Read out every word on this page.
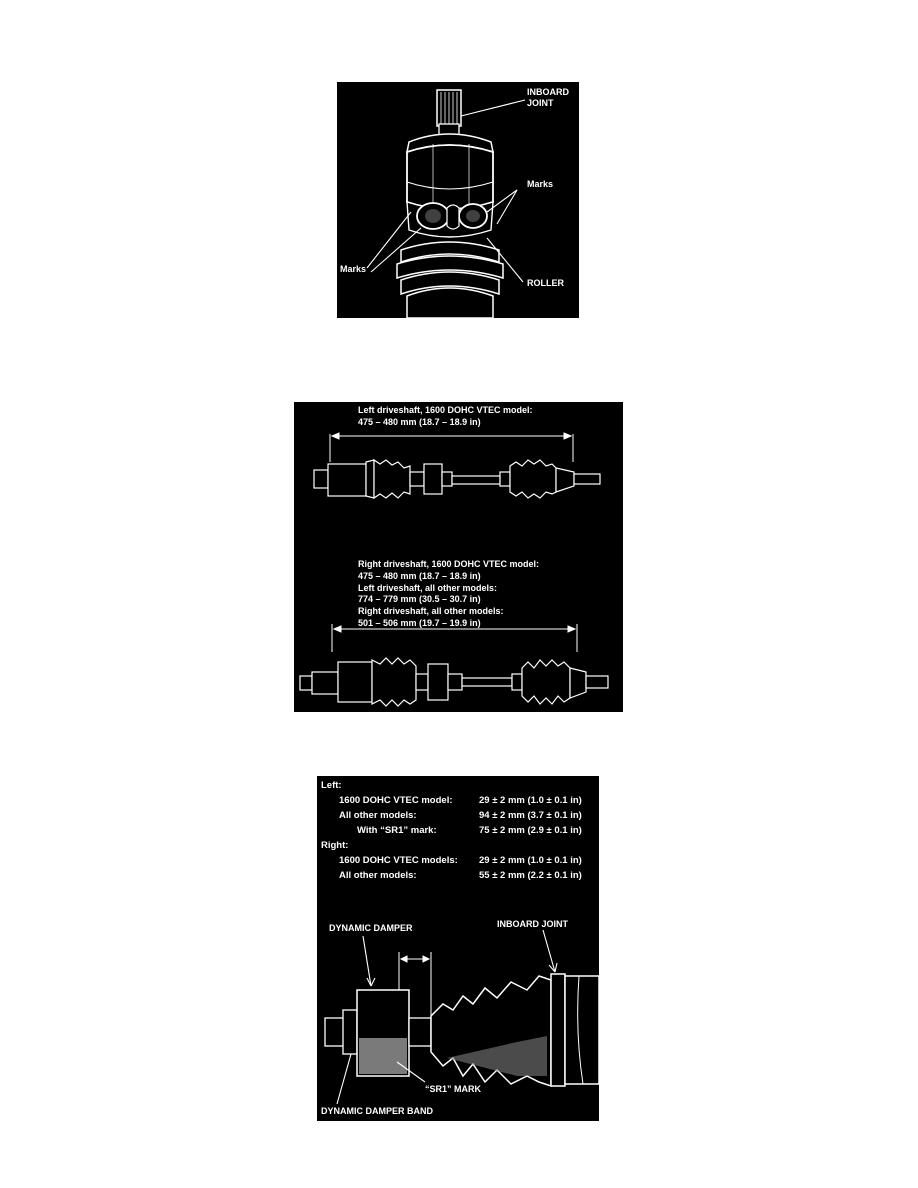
INBOARD
JOINT
Marks
Marks
ROLLER
Left driveshaft, 1600 DOHC VTEC model:
475 – 480 mm (18.7 – 18.9 in)
Right driveshaft, 1600 DOHC VTEC model:
475 – 480 mm (18.7 – 18.9 in)
Left driveshaft, all other models:
774 – 779 mm (30.5 – 30.7 in)
Right driveshaft, all other models:
501 – 506 mm (19.7 – 19.9 in)
Left:
1600 DOHC VTEC model:	29 ± 2 mm (1.0 ± 0.1 in)
All other models:	94 ± 2 mm (3.7 ± 0.1 in)
With “SR1” mark:	75 ± 2 mm (2.9 ± 0.1 in)
Right:
1600 DOHC VTEC models: 29 ± 2 mm (1.0 ± 0.1 in)
All other models:	55 ± 2 mm (2.2 ± 0.1 in)
DYNAMIC DAMPER	INBOARD JOINT
“SR1” MARK
DYNAMIC DAMPER BAND
